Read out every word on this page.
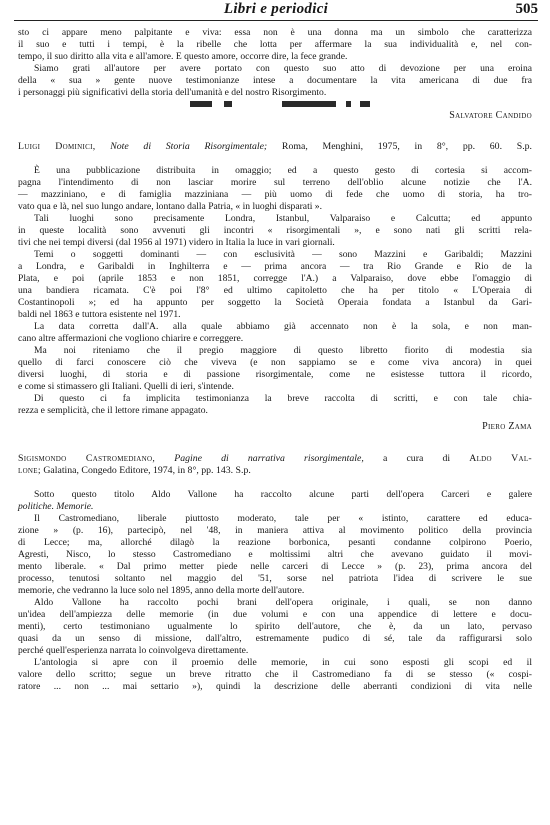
Libri e periodici	505
sto ci appare meno palpitante e viva: essa non è una donna ma un simbolo che caratterizza
il suo e tutti i tempi, è la ribelle che lotta per affermare la sua individualità e, nel con-
tempo, il suo diritto alla vita e all'amore. E questo amore, occorre dire, la fece grande.
Siamo grati all'autore per avere portato con questo suo atto di devozione per una eroina
della « sua » gente nuove testimonianze intese a documentare la vita americana di due fra
i personaggi più significativi della storia dell'umanità e del nostro Risorgimento.
Salvatore Candido
Luigi Dominici, Note di Storia Risorgimentale; Roma, Menghini, 1975, in 8°, pp. 60. S.p.
È una pubblicazione distribuita in omaggio; ed a questo gesto di cortesia si accom-
pagna l'intendimento di non lasciar morire sul terreno dell'oblio alcune notizie che l'A.
— mazziniano, e di famiglia mazziniana — più uomo di fede che uomo di storia, ha tro-
vato qua e là, nel suo lungo andare, lontano dalla Patria, « in luoghi disparati ».
Tali luoghi sono precisamente Londra, Istanbul, Valparaiso e Calcutta; ed appunto
in queste località sono avvenuti gli incontri « risorgimentali », e sono nati gli scritti rela-
tivi che nei tempi diversi (dal 1956 al 1971) videro in Italia la luce in vari giornali.
Temi o soggetti dominanti — con esclusività — sono Mazzini e Garibaldi; Mazzini
a Londra, e Garibaldi in Inghilterra e — prima ancora — tra Rio Grande e Rio de la
Plata, e poi (aprile 1853 e non 1851, corregge l'A.) a Valparaiso, dove ebbe l'omaggio di
una bandiera ricamata. C'è poi l'8° ed ultimo capitoletto che ha per titolo « L'Operaia di
Costantinopoli »; ed ha appunto per soggetto la Società Operaia fondata a Istanbul da Gari-
baldi nel 1863 e tuttora esistente nel 1971.
La data corretta dall'A. alla quale abbiamo già accennato non è la sola, e non man-
cano altre affermazioni che vogliono chiarire e correggere.
Ma noi riteniamo che il pregio maggiore di questo libretto fiorito di modestia sia
quello di farci conoscere ciò che viveva (e non sappiamo se e come viva ancora) in quei
diversi luoghi, di storia e di passione risorgimentale, come ne esistesse tuttora il ricordo,
e come si stimassero gli Italiani. Quelli di ieri, s'intende.
Di questo ci fa implicita testimonianza la breve raccolta di scritti, e con tale chia-
rezza e semplicità, che il lettore rimane appagato.
Piero Zama
Sigismondo Castromediano, Pagine di narrativa risorgimentale, a cura di Aldo Val-
lone; Galatina, Congedo Editore, 1974, in 8°, pp. 143. S.p.
Sotto questo titolo Aldo Vallone ha raccolto alcune parti dell'opera Carceri e galere
politiche. Memorie.
Il Castromediano, liberale piuttosto moderato, tale per « istinto, carattere ed educa-
zione » (p. 16), partecipò, nel '48, in maniera attiva al movimento politico della provincia
di Lecce; ma, allorché dilagò la reazione borbonica, pesanti condanne colpirono Poerio,
Agresti, Nisco, lo stesso Castromediano e moltissimi altri che avevano guidato il movi-
mento liberale. « Dal primo metter piede nelle carceri di Lecce » (p. 23), prima ancora del
processo, tenutosi soltanto nel maggio del '51, sorse nel patriota l'idea di scrivere le sue
memorie, che vedranno la luce solo nel 1895, anno della morte dell'autore.
Aldo Vallone ha raccolto pochi brani dell'opera originale, i quali, se non danno
un'idea dell'ampiezza delle memorie (in due volumi e con una appendice di lettere e docu-
menti), certo testimoniano ugualmente lo spirito dell'autore, che è, da un lato, pervaso
quasi da un senso di missione, dall'altro, estremamente pudico di sé, tale da raffigurarsi solo
perché quell'esperienza narrata lo coinvolgeva direttamente.
L'antologia si apre con il proemio delle memorie, in cui sono esposti gli scopi ed il
valore dello scritto; segue un breve ritratto che il Castromediano fa di se stesso (« cospi-
ratore ... non ... mai settario »), quindi la descrizione delle aberranti condizioni di vita nelle
